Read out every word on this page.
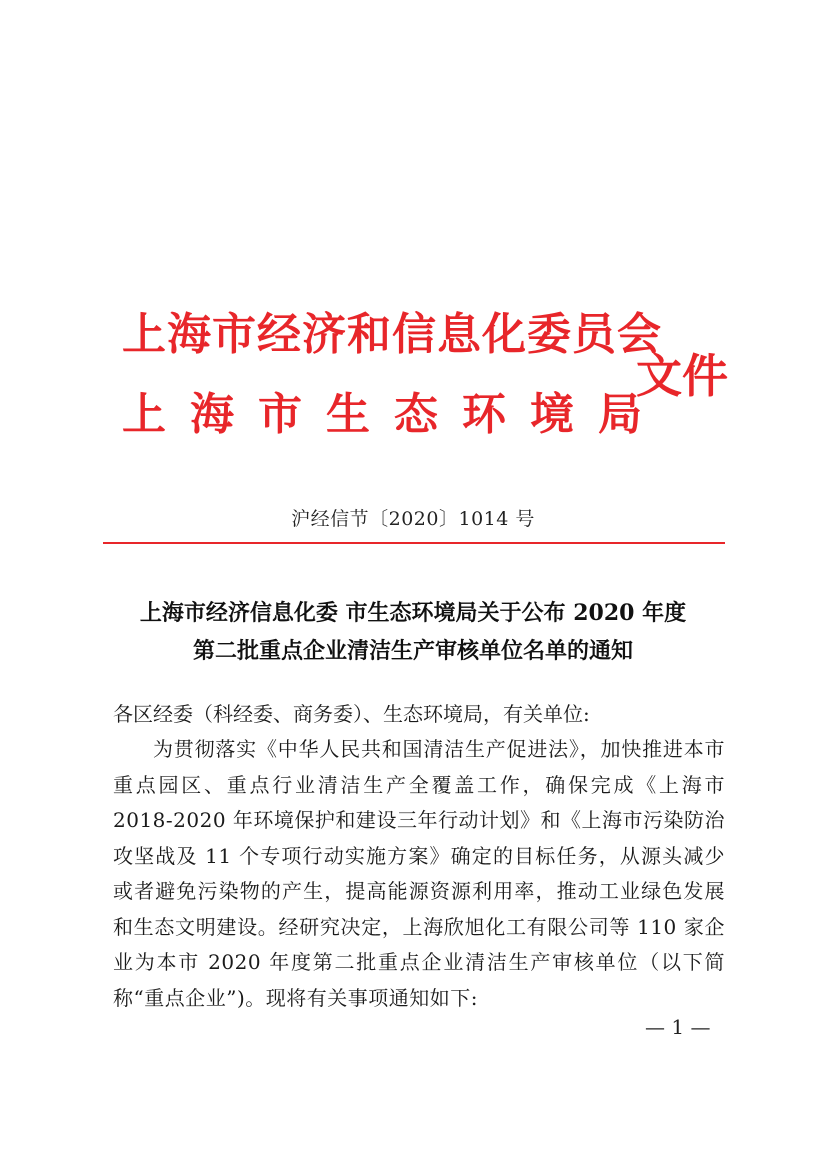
上海市经济和信息化委员会
上海市生态环境局
文件
沪经信节〔2020〕1014 号
上海市经济信息化委 市生态环境局关于公布 2020 年度
第二批重点企业清洁生产审核单位名单的通知
各区经委（科经委、商务委）、生态环境局，有关单位:
为贯彻落实《中华人民共和国清洁生产促进法》，加快推进本市重点园区、重点行业清洁生产全覆盖工作，确保完成《上海市 2018-2020 年环境保护和建设三年行动计划》和《上海市污染防治攻坚战及 11 个专项行动实施方案》确定的目标任务，从源头减少或者避免污染物的产生，提高能源资源利用率，推动工业绿色发展和生态文明建设。经研究决定，上海欣旭化工有限公司等 110 家企业为本市 2020 年度第二批重点企业清洁生产审核单位（以下简称“重点企业”)。现将有关事项通知如下:
— 1 —
